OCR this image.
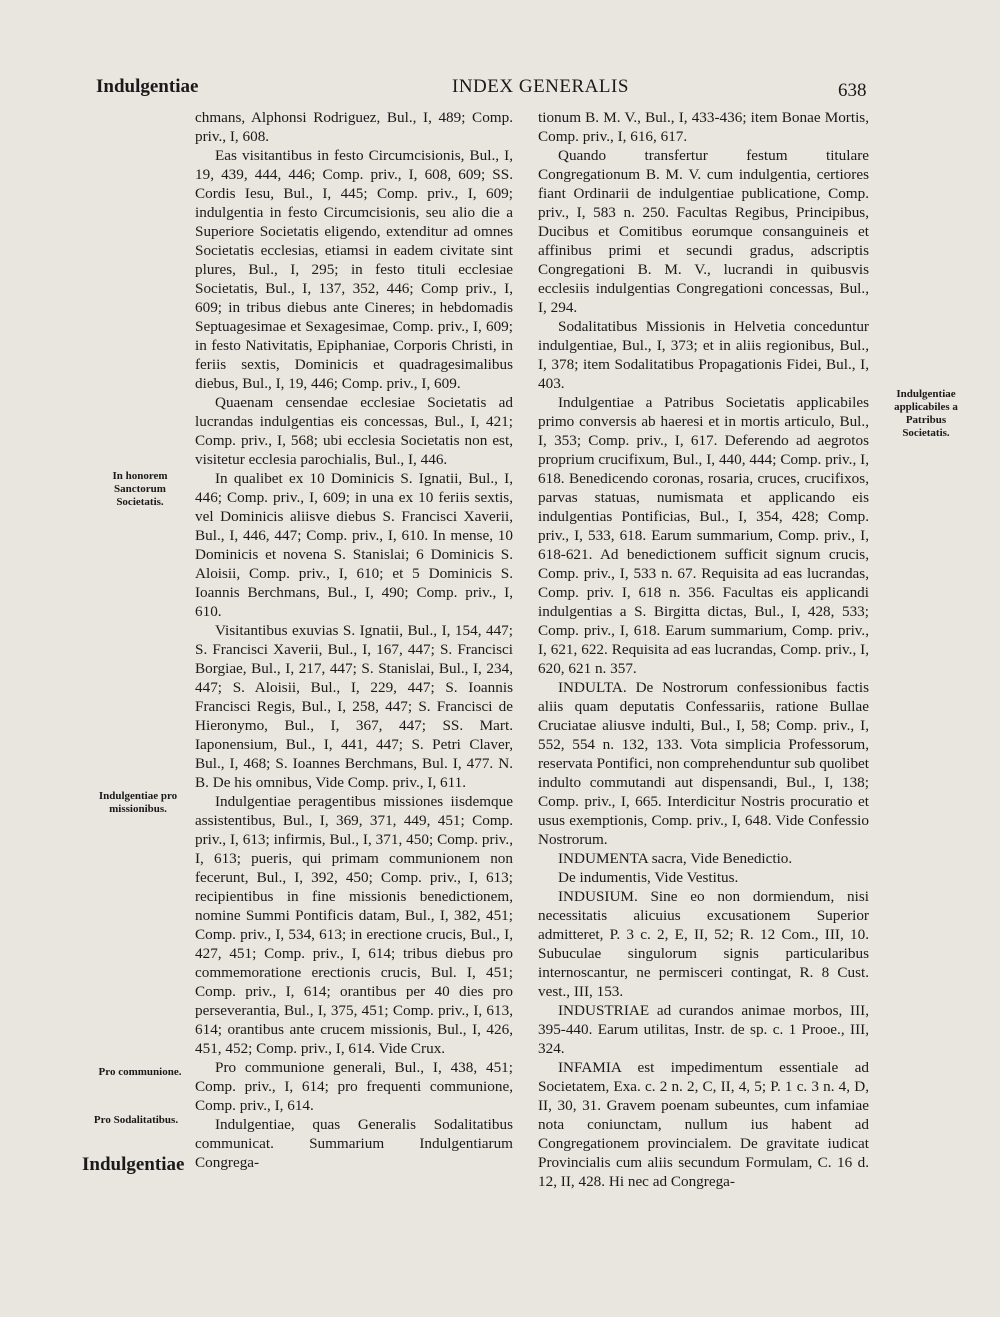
Indulgentiae	INDEX GENERALIS	638

chmans, Alphonsi Rodriguez, Bul., I, 489; Comp. priv., I, 608.

Eas visitantibus in festo Circumcisionis, Bul., I, 19, 439, 444, 446; Comp. priv., I, 608, 609; SS. Cordis Iesu, Bul., I, 445; Comp. priv., I, 609; indulgentia in festo Circumcisionis, seu alio die a Superiore Societatis eligendo, extenditur ad omnes Societatis ecclesias, etiamsi in eadem civitate sint plures, Bul., I, 295; in festo tituli ecclesiae Societatis, Bul., I, 137, 352, 446; Comp priv., I, 609; in tribus diebus ante Cineres; in hebdomadis Septuagesimae et Sexagesimae, Comp. priv., I, 609; in festo Nativitatis, Epiphaniae, Corporis Christi, in feriis sextis, Dominicis et quadragesimalibus diebus, Bul., I, 19, 446; Comp. priv., I, 609.

Quaenam censendae ecclesiae Societatis ad lucrandas indulgentias eis concessas, Bul., I, 421; Comp. priv., I, 568; ubi ecclesia Societatis non est, visitetur ecclesia parochialis, Bul., I, 446.

In qualibet ex 10 Dominicis S. Ignatii, Bul., I, 446; Comp. priv., I, 609; in una ex 10 feriis sextis, vel Dominicis aliisve diebus S. Francisci Xaverii, Bul., I, 446, 447; Comp. priv., I, 610. In mense, 10 Dominicis et novena S. Stanislai; 6 Dominicis S. Aloisii, Comp. priv., I, 610; et 5 Dominicis S. Ioannis Berchmans, Bul., I, 490; Comp. priv., I, 610.

Visitantibus exuvias S. Ignatii, Bul., I, 154, 447; S. Francisci Xaverii, Bul., I, 167, 447; S. Francisci Borgiae, Bul., I, 217, 447; S. Stanislai, Bul., I, 234, 447; S. Aloisii, Bul., I, 229, 447; S. Ioannis Francisci Regis, Bul., I, 258, 447; S. Francisci de Hieronymo, Bul., I, 367, 447; SS. Mart. Iaponensium, Bul., I, 441, 447; S. Petri Claver, Bul., I, 468; S. Ioannes Berchmans, Bul. I, 477. N. B. De his omnibus, Vide Comp. priv., I, 611.

Indulgentiae peragentibus missiones iisdemque assistentibus, Bul., I, 369, 371, 449, 451; Comp. priv., I, 613; infirmis, Bul., I, 371, 450; Comp. priv., I, 613; pueris, qui primam communionem non fecerunt, Bul., I, 392, 450; Comp. priv., I, 613; recipientibus in fine missionis benedictionem, nomine Summi Pontificis datam, Bul., I, 382, 451; Comp. priv., I, 534, 613; in erectione crucis, Bul., I, 427, 451; Comp. priv., I, 614; tribus diebus pro commemoratione erectionis crucis, Bul. I, 451; Comp. priv., I, 614; orantibus per 40 dies pro perseverantia, Bul., I, 375, 451; Comp. priv., I, 613, 614; orantibus ante crucem missionis, Bul., I, 426, 451, 452; Comp. priv., I, 614. Vide Crux.

Pro communione generali, Bul., I, 438, 451; Comp. priv., I, 614; pro frequenti communione, Comp. priv., I, 614.

Indulgentiae, quas Generalis Sodalitatibus communicat. Summarium Indulgentiarum Congrega-

tionum B. M. V., Bul., I, 433-436; item Bonae Mortis, Comp. priv., I, 616, 617.

Quando transfertur festum titulare Congregationum B. M. V. cum indulgentia, certiores fiant Ordinarii de indulgentiae publicatione, Comp. priv., I, 583 n. 250. Facultas Regibus, Principibus, Ducibus et Comitibus eorumque consanguineis et affinibus primi et secundi gradus, adscriptis Congregationi B. M. V., lucrandi in quibusvis ecclesiis indulgentias Congregationi concessas, Bul., I, 294.

Sodalitatibus Missionis in Helvetia conceduntur indulgentiae, Bul., I, 373; et in aliis regionibus, Bul., I, 378; item Sodalitatibus Propagationis Fidei, Bul., I, 403.

Indulgentiae a Patribus Societatis applicabiles primo conversis ab haeresi et in mortis articulo, Bul., I, 353; Comp. priv., I, 617. Deferendo ad aegrotos proprium crucifixum, Bul., I, 440, 444; Comp. priv., I, 618. Benedicendo coronas, rosaria, cruces, crucifixos, parvas statuas, numismata et applicando eis indulgentias Pontificias, Bul., I, 354, 428; Comp. priv., I, 533, 618. Earum summarium, Comp. priv., I, 618-621. Ad benedictionem sufficit signum crucis, Comp. priv., I, 533 n. 67. Requisita ad eas lucrandas, Comp. priv. I, 618 n. 356. Facultas eis applicandi indulgentias a S. Birgitta dictas, Bul., I, 428, 533; Comp. priv., I, 618. Earum summarium, Comp. priv., I, 621, 622. Requisita ad eas lucrandas, Comp. priv., I, 620, 621 n. 357.

INDULTA. De Nostrorum confessionibus factis aliis quam deputatis Confessariis, ratione Bullae Cruciatae aliusve indulti, Bul., I, 58; Comp. priv., I, 552, 554 n. 132, 133. Vota simplicia Professorum, reservata Pontifici, non comprehenduntur sub quolibet indulto commutandi aut dispensandi, Bul., I, 138; Comp. priv., I, 665. Interdicitur Nostris procuratio et usus exemptionis, Comp. priv., I, 648. Vide Confessio Nostrorum.

INDUMENTA sacra, Vide Benedictio.

De indumentis, Vide Vestitus.

INDUSIUM. Sine eo non dormiendum, nisi necessitatis alicuius excusationem Superior admitteret, P. 3 c. 2, E, II, 52; R. 12 Com., III, 10. Subuculae singulorum signis particularibus internoscantur, ne permisceri contingat, R. 8 Cust. vest., III, 153.

INDUSTRIAE ad curandos animae morbos, III, 395-440. Earum utilitas, Instr. de sp. c. 1 Prooe., III, 324.

INFAMIA est impedimentum essentiale ad Societatem, Exa. c. 2 n. 2, C, II, 4, 5; P. 1 c. 3 n. 4, D, II, 30, 31. Gravem poenam subeuntes, cum infamiae nota coniunctam, nullum ius habent ad Congregationem provincialem. De gravitate iudicat Provincialis cum aliis secundum Formulam, C. 16 d. 12, II, 428. Hi nec ad Congrega-

In honorem Sanctorum Societatis.
Indulgentiae pro missionibus.
Pro communione.
Pro Sodalitatibus.
Indulgentiae applicabiles a Patribus Societatis.
Indulgentiae
